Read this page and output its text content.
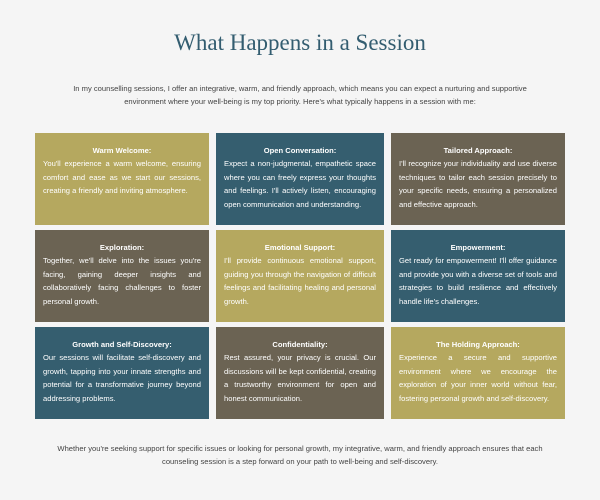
What Happens in a Session

In my counselling sessions, I offer an integrative, warm, and friendly approach, which means you can expect a nurturing and supportive environment where your well-being is my top priority. Here's what typically happens in a session with me:

Warm Welcome:
You'll experience a warm welcome, ensuring comfort and ease as we start our sessions, creating a friendly and inviting atmosphere.
Open Conversation:
Expect a non-judgmental, empathetic space where you can freely express your thoughts and feelings. I'll actively listen, encouraging open communication and understanding.
Tailored Approach:
I'll recognize your individuality and use diverse techniques to tailor each session precisely to your specific needs, ensuring a personalized and effective approach.
Exploration:
Together, we'll delve into the issues you're facing, gaining deeper insights and collaboratively facing challenges to foster personal growth.
Emotional Support:
I'll provide continuous emotional support, guiding you through the navigation of difficult feelings and facilitating healing and personal growth.
Empowerment:
Get ready for empowerment! I'll offer guidance and provide you with a diverse set of tools and strategies to build resilience and effectively handle life's challenges.
Growth and Self-Discovery:
Our sessions will facilitate self-discovery and growth, tapping into your innate strengths and potential for a transformative journey beyond addressing problems.
Confidentiality:
Rest assured, your privacy is crucial. Our discussions will be kept confidential, creating a trustworthy environment for open and honest communication.
The Holding Approach:
Experience a secure and supportive environment where we encourage the exploration of your inner world without fear, fostering personal growth and self-discovery.

Whether you're seeking support for specific issues or looking for personal growth, my integrative, warm, and friendly approach ensures that each counseling session is a step forward on your path to well-being and self-discovery.
